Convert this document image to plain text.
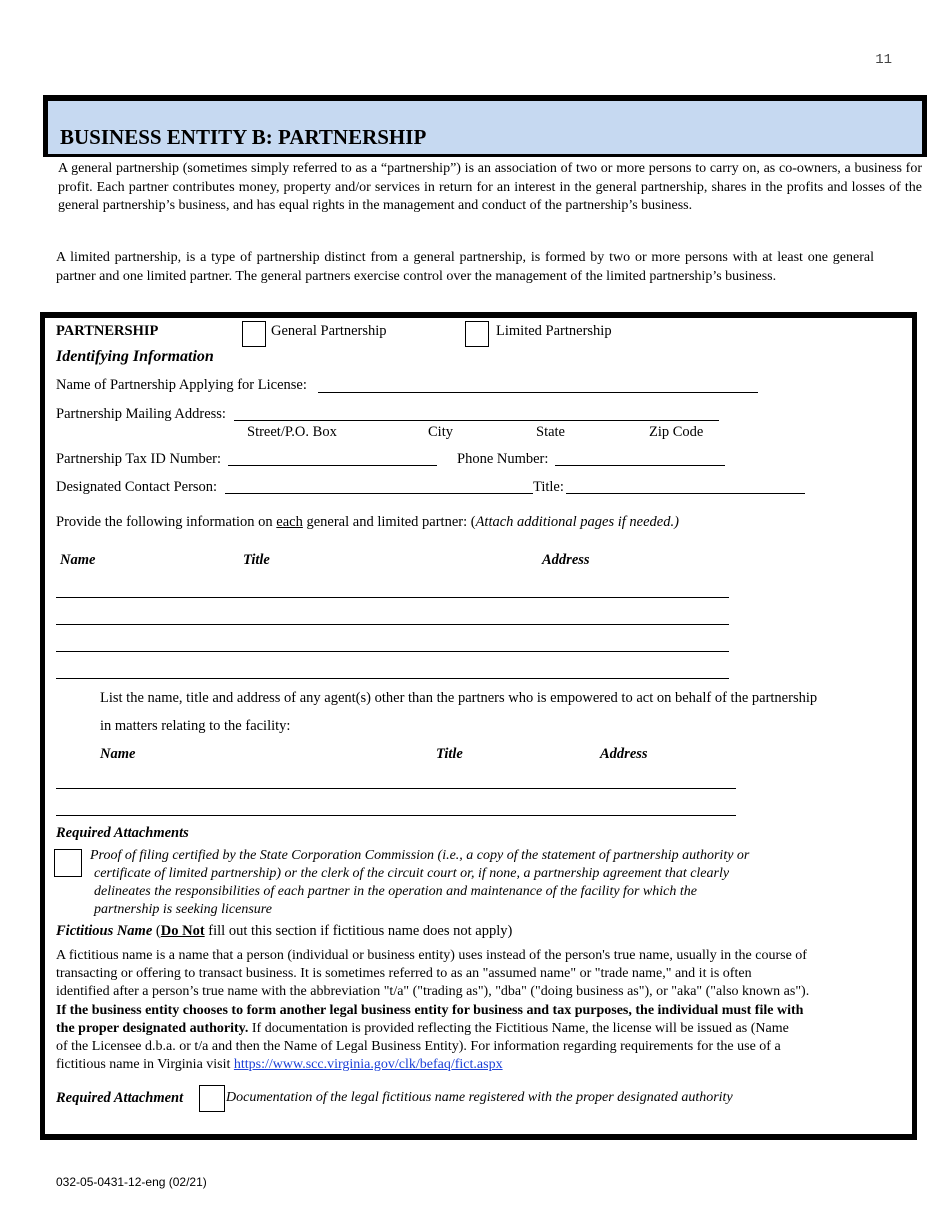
11
BUSINESS ENTITY B: PARTNERSHIP
A general partnership (sometimes simply referred to as a “partnership”) is an association of two or more persons to carry on, as co-owners, a business for profit. Each partner contributes money, property and/or services in return for an interest in the general partnership, shares in the profits and losses of the general partnership’s business, and has equal rights in the management and conduct of the partnership’s business.
A limited partnership, is a type of partnership distinct from a general partnership, is formed by two or more persons with at least one general partner and one limited partner. The general partners exercise control over the management of the limited partnership’s business.
PARTNERSHIP	General Partnership	Limited Partnership
Identifying Information
Name of Partnership Applying for License:
Partnership Mailing Address:
Street/P.O. Box	City	State	Zip Code
Partnership Tax ID Number:	Phone Number:
Designated Contact Person:	Title:
Provide the following information on each general and limited partner: (Attach additional pages if needed.)
Name	Title	Address
List the name, title and address of any agent(s) other than the partners who is empowered to act on behalf of the partnership
in matters relating to the facility:
Name	Title	Address
Required Attachments
Proof of filing certified by the State Corporation Commission (i.e., a copy of the statement of partnership authority or
certificate of limited partnership) or the clerk of the circuit court or, if none, a partnership agreement that clearly
delineates the responsibilities of each partner in the operation and maintenance of the facility for which the
partnership is seeking licensure
Fictitious Name (Do Not fill out this section if fictitious name does not apply)
A fictitious name is a name that a person (individual or business entity) uses instead of the person's true name, usually in the course of
transacting or offering to transact business. It is sometimes referred to as an "assumed name" or "trade name," and it is often
identified after a person’s true name with the abbreviation "t/a" ("trading as"), "dba" ("doing business as"), or "aka" ("also known as").
If the business entity chooses to form another legal business entity for business and tax purposes, the individual must file with
the proper designated authority. If documentation is provided reflecting the Fictitious Name, the license will be issued as (Name
of the Licensee d.b.a. or t/a and then the Name of Legal Business Entity). For information regarding requirements for the use of a
fictitious name in Virginia visit https://www.scc.virginia.gov/clk/befaq/fict.aspx
Required Attachment	Documentation of the legal fictitious name registered with the proper designated authority
032-05-0431-12-eng (02/21)
